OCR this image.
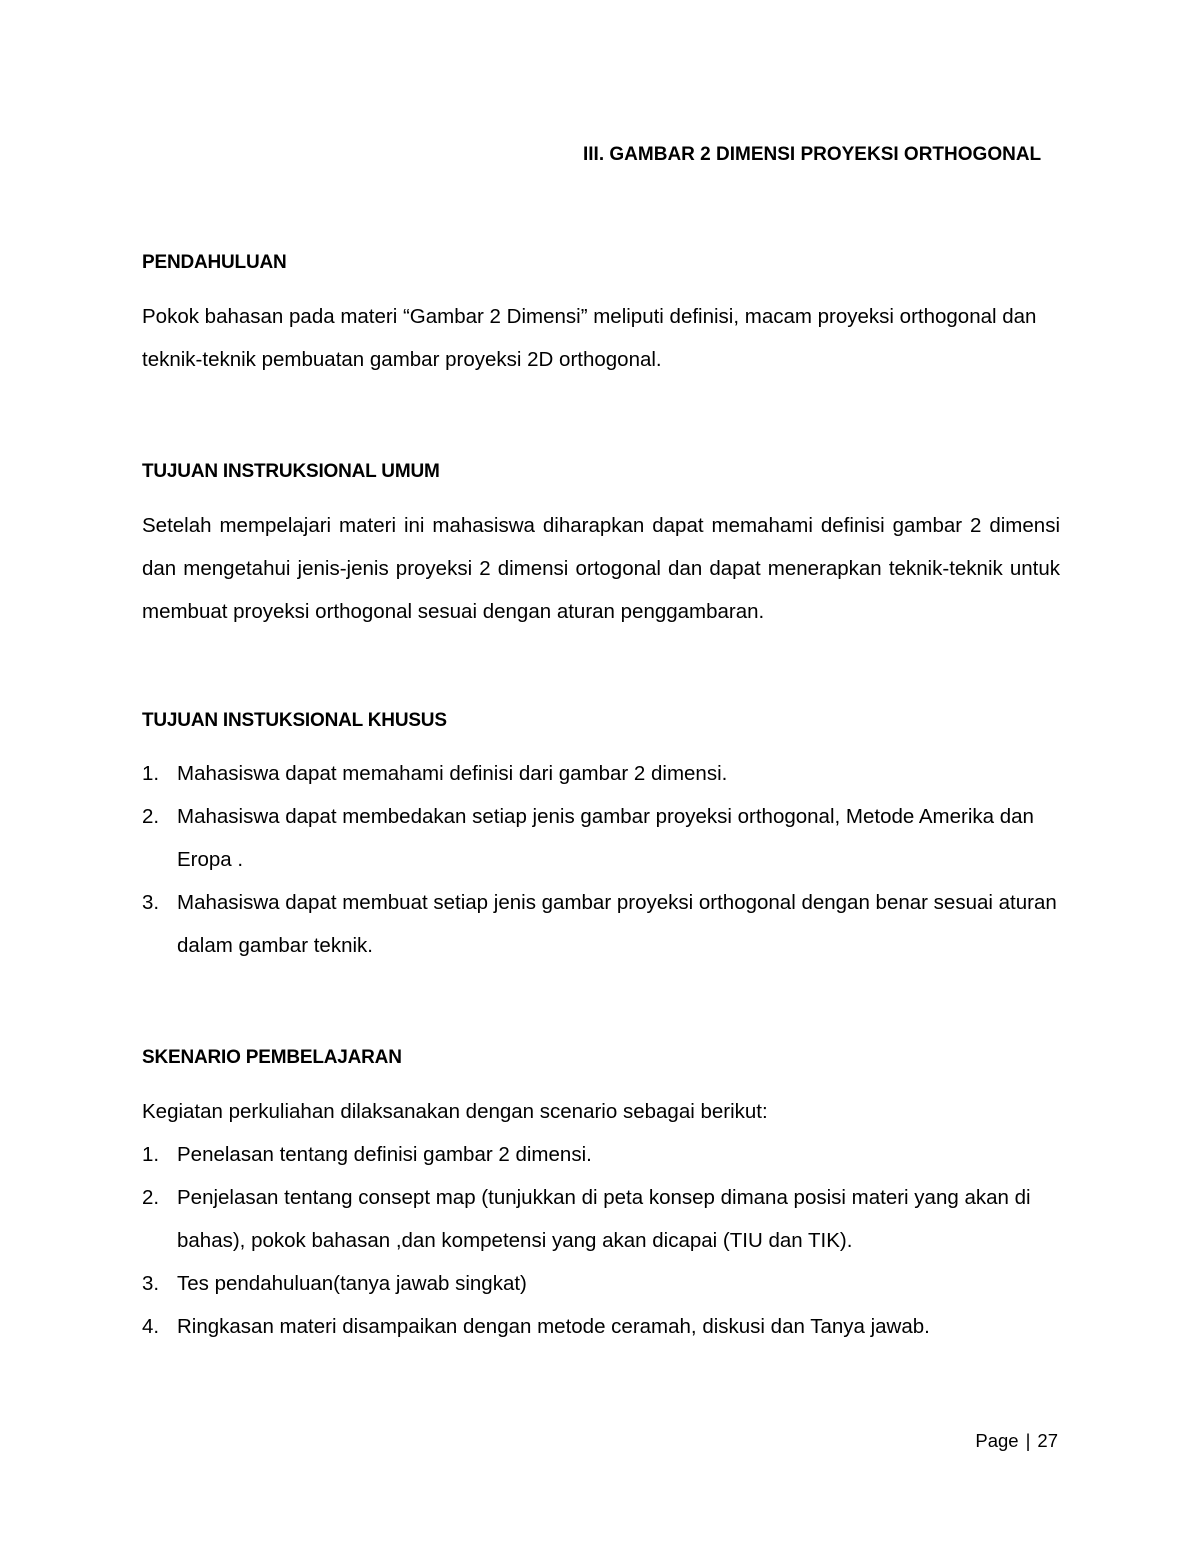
III. GAMBAR 2 DIMENSI PROYEKSI ORTHOGONAL
PENDAHULUAN

Pokok bahasan pada materi “Gambar 2 Dimensi” meliputi definisi, macam proyeksi orthogonal dan teknik-teknik pembuatan gambar proyeksi 2D orthogonal.

TUJUAN INSTRUKSIONAL UMUM

Setelah mempelajari materi ini mahasiswa diharapkan dapat memahami definisi gambar 2 dimensi dan mengetahui jenis-jenis proyeksi 2 dimensi ortogonal dan dapat menerapkan teknik-teknik untuk membuat proyeksi orthogonal sesuai dengan aturan penggambaran.

TUJUAN INSTUKSIONAL KHUSUS
1. Mahasiswa dapat memahami definisi dari gambar 2 dimensi.
2. Mahasiswa dapat membedakan setiap jenis gambar proyeksi orthogonal, Metode Amerika dan Eropa .
3. Mahasiswa dapat membuat setiap jenis gambar proyeksi orthogonal dengan benar sesuai aturan dalam gambar teknik.
SKENARIO PEMBELAJARAN

Kegiatan perkuliahan dilaksanakan dengan scenario sebagai berikut:

1. Penelasan tentang definisi gambar 2 dimensi.
2. Penjelasan tentang consept map (tunjukkan di peta konsep dimana posisi materi yang akan di bahas), pokok bahasan ,dan kompetensi yang akan dicapai (TIU dan TIK).
3. Tes pendahuluan(tanya jawab singkat)
4. Ringkasan materi disampaikan dengan metode ceramah, diskusi dan Tanya jawab.
Page | 27
